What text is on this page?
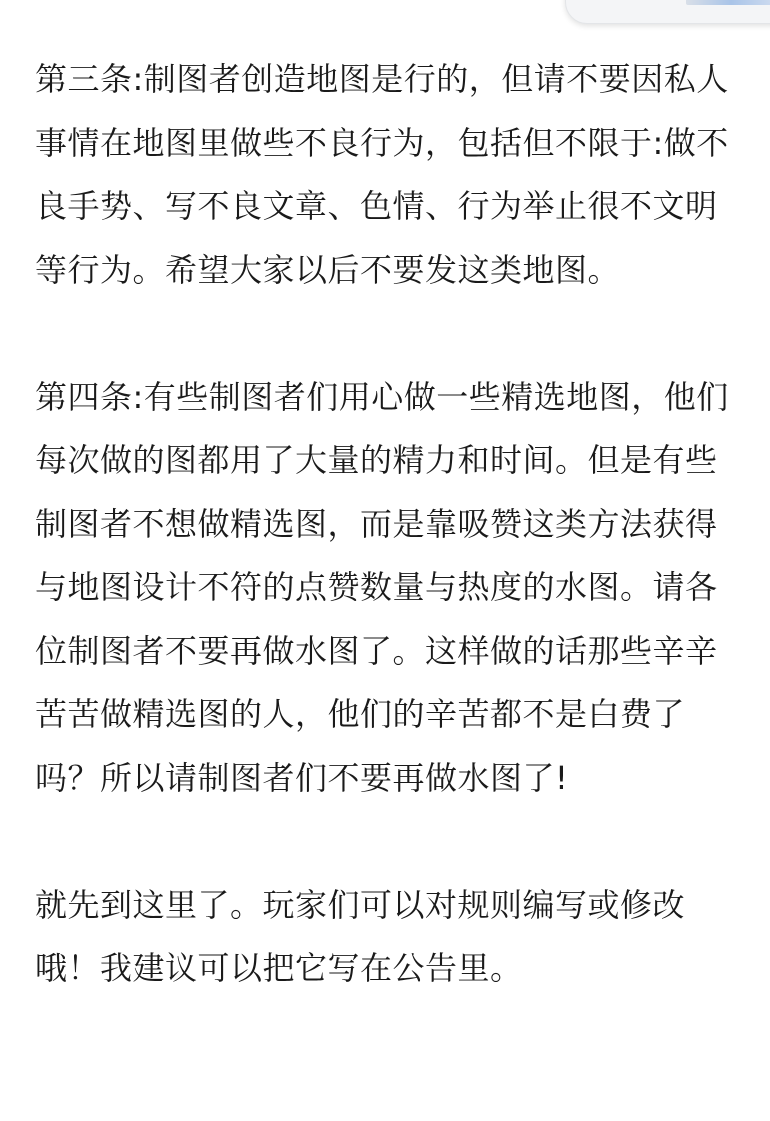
第三条:制图者创造地图是行的，但请不要因私人事情在地图里做些不良行为，包括但不限于:做不良手势、写不良文章、色情、行为举止很不文明等行为。希望大家以后不要发这类地图。

第四条:有些制图者们用心做一些精选地图，他们每次做的图都用了大量的精力和时间。但是有些制图者不想做精选图，而是靠吸赞这类方法获得与地图设计不符的点赞数量与热度的水图。请各位制图者不要再做水图了。这样做的话那些辛辛苦苦做精选图的人，他们的辛苦都不是白费了吗？所以请制图者们不要再做水图了!

就先到这里了。玩家们可以对规则编写或修改哦！我建议可以把它写在公告里。
